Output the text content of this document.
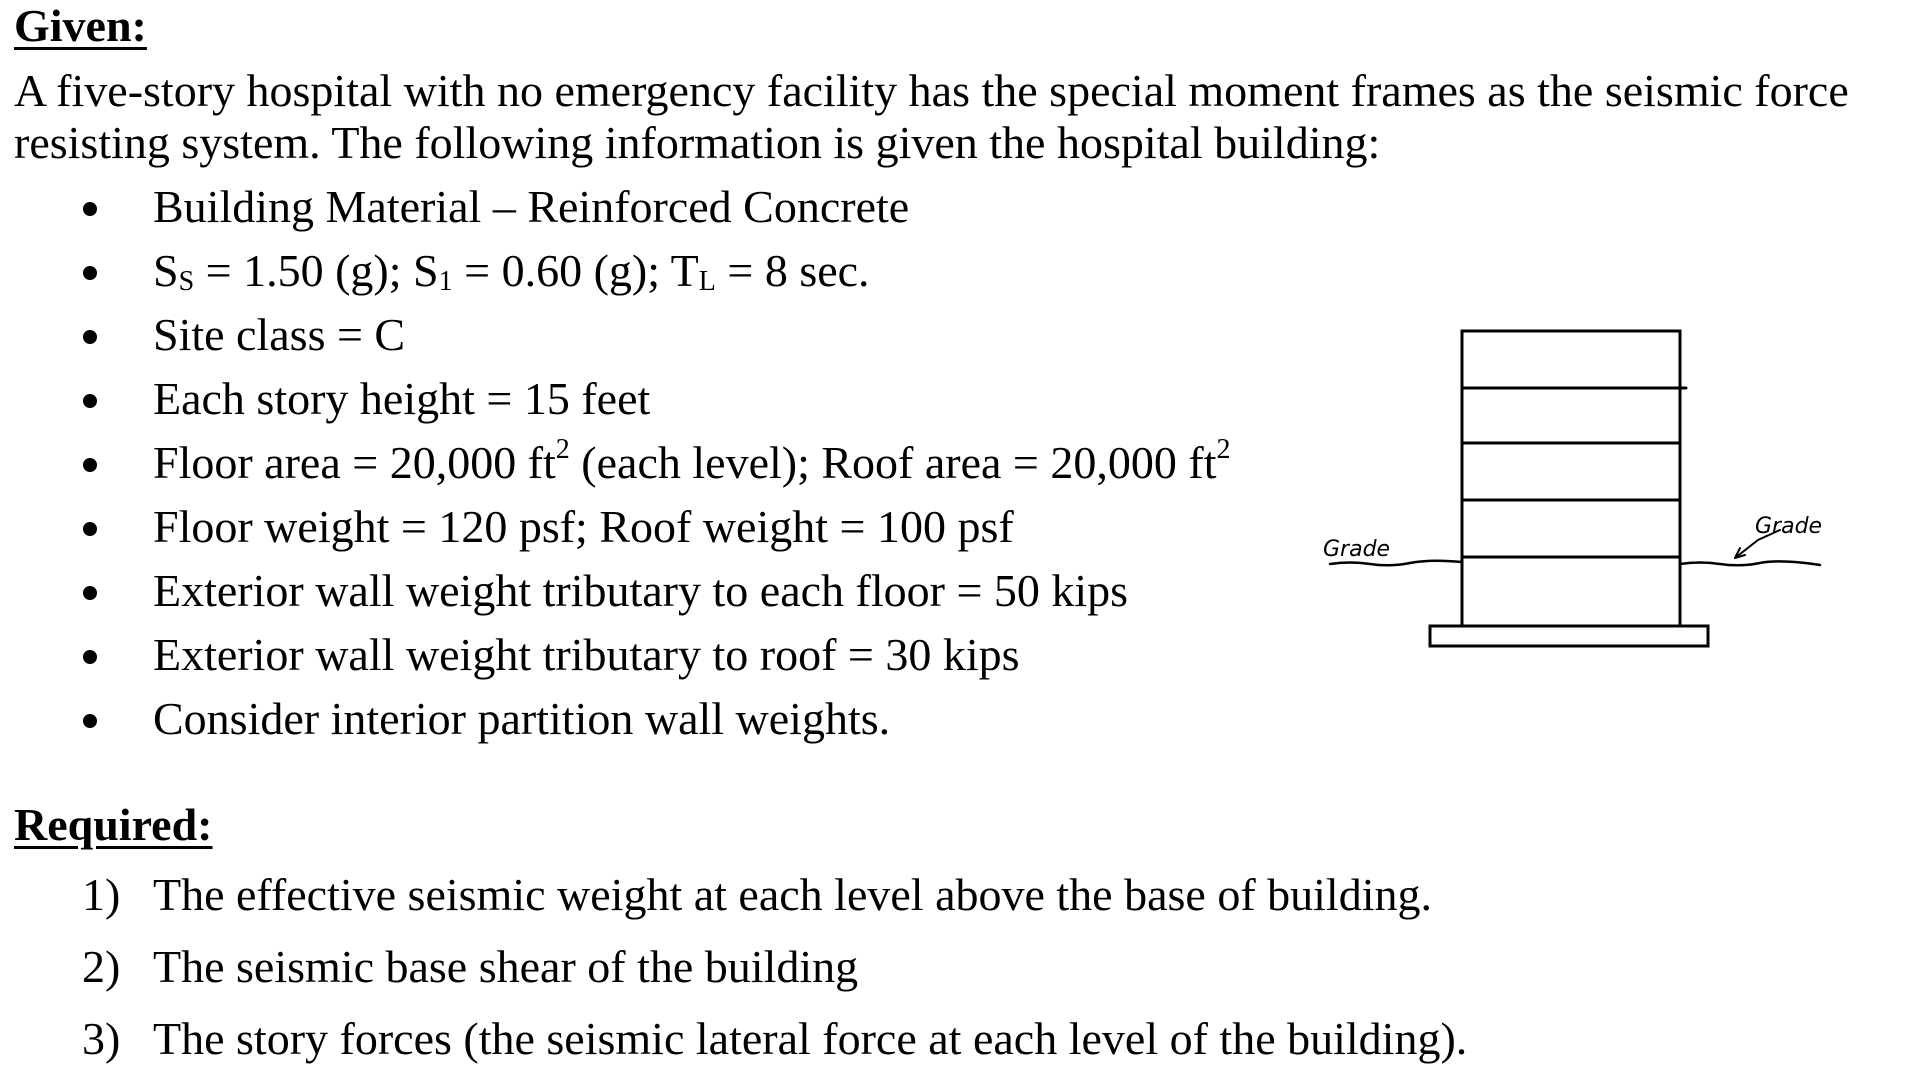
Given:
A five-story hospital with no emergency facility has the special moment frames as the seismic force
resisting system. The following information is given the hospital building:
Building Material – Reinforced Concrete
$S_S = 1.50$ (g); $S_1 = 0.60$ (g); $T_L = 8$ sec.
Site class = C
Each story height = 15 feet
Floor area = 20,000 $ft^2$ (each level); Roof area = 20,000 $ft^2$
Floor weight = 120 psf; Roof weight = 100 psf
Exterior wall weight tributary to each floor = 50 kips
Exterior wall weight tributary to roof = 30 kips
Consider interior partition wall weights.
Grade
Grade
Required:
1) The effective seismic weight at each level above the base of building.
2) The seismic base shear of the building
3) The story forces (the seismic lateral force at each level of the building).
